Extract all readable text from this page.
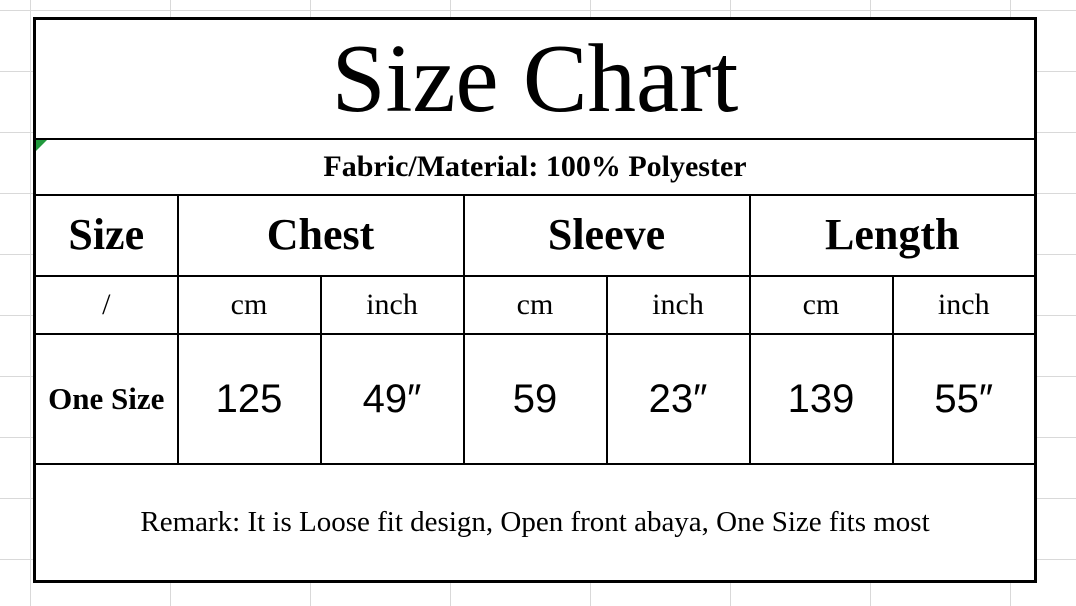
Size Chart						

Fabric/Material: 100% Polyester						
Size	Chest		Sleeve		Length	
/	cm	inch	cm	inch	cm	inch
One Size	125	49″	59	23″	139	55″
Remark: It is Loose fit design, Open front abaya, One Size fits most						
